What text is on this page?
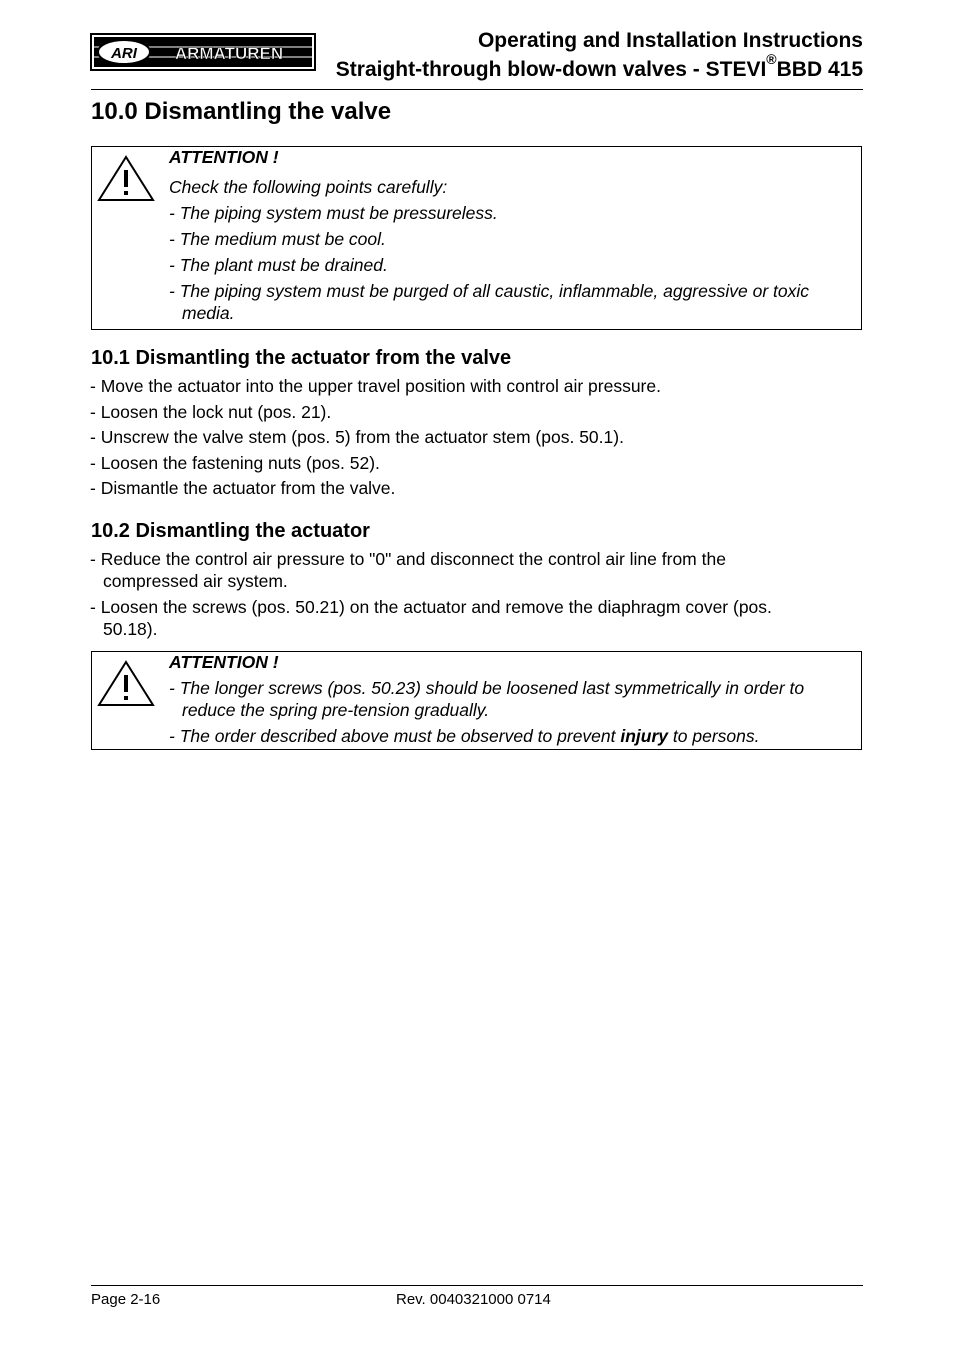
ARI ARMATUREN
Operating and Installation Instructions
Straight-through blow-down valves - STEVI®BBD 415
10.0 Dismantling the valve
ATTENTION !
Check the following points carefully:
- The piping system must be pressureless.
- The medium must be cool.
- The plant must be drained.
- The piping system must be purged of all caustic, inflammable, aggressive or toxic media.
10.1 Dismantling the actuator from the valve
- Move the actuator into the upper travel position with control air pressure.
- Loosen the lock nut (pos. 21).
- Unscrew the valve stem (pos. 5) from the actuator stem (pos. 50.1).
- Loosen the fastening nuts (pos. 52).
- Dismantle the actuator from the valve.
10.2 Dismantling the actuator
- Reduce the control air pressure to "0" and disconnect the control air line from the compressed air system.
- Loosen the screws (pos. 50.21) on the actuator and remove the diaphragm cover (pos. 50.18).
ATTENTION !
- The longer screws (pos. 50.23) should be loosened last symmetrically in order to reduce the spring pre-tension gradually.
- The order described above must be observed to prevent injury to persons.
Page 2-16	Rev. 0040321000 0714
